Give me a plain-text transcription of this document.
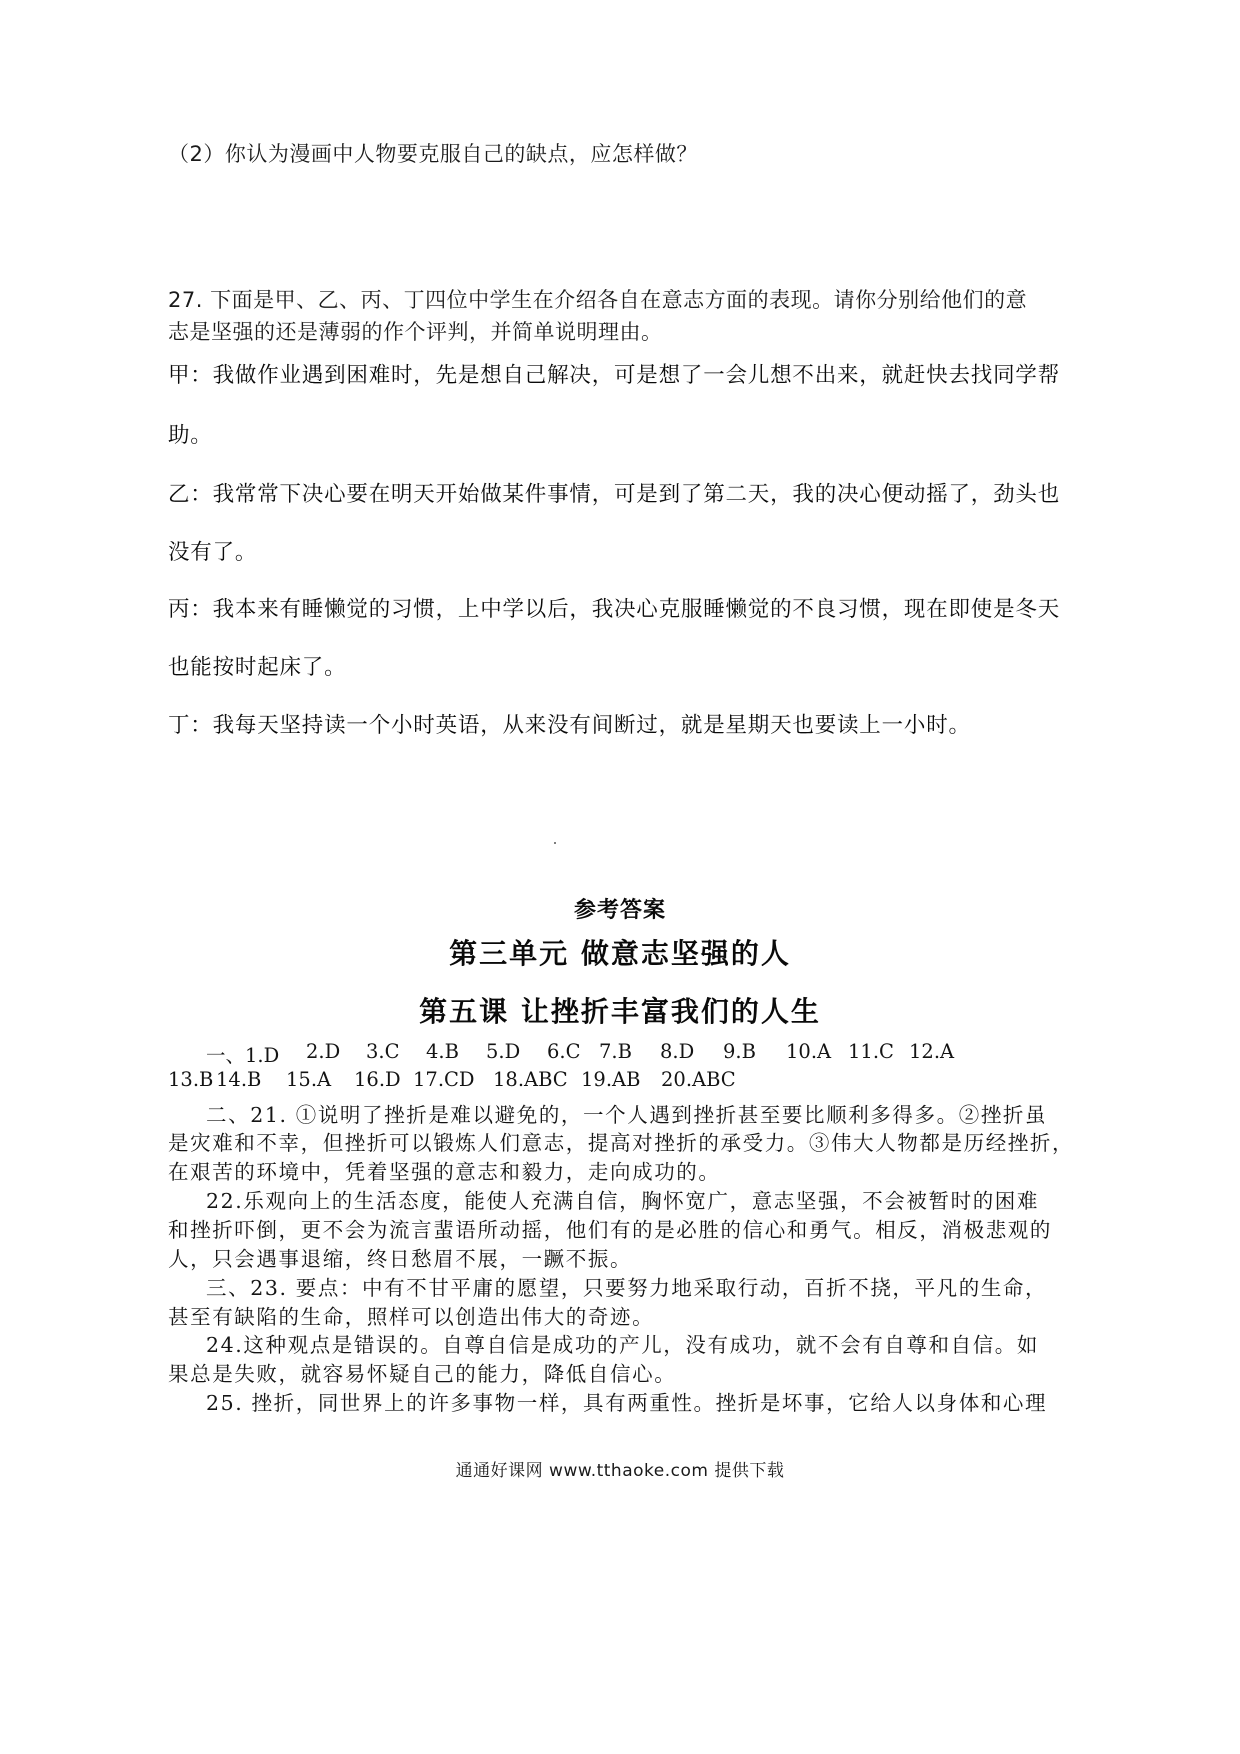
（2）你认为漫画中人物要克服自己的缺点，应怎样做？

27. 下面是甲、乙、丙、丁四位中学生在介绍各自在意志方面的表现。请你分别给他们的意

志是坚强的还是薄弱的作个评判，并简单说明理由。

甲：我做作业遇到困难时，先是想自己解决，可是想了一会儿想不出来，就赶快去找同学帮

助。

乙：我常常下决心要在明天开始做某件事情，可是到了第二天，我的决心便动摇了，劲头也

没有了。

丙：我本来有睡懒觉的习惯，上中学以后，我决心克服睡懒觉的不良习惯，现在即使是冬天

也能按时起床了。

丁：我每天坚持读一个小时英语，从来没有间断过，就是星期天也要读上一小时。

参考答案
第三单元 做意志坚强的人
第五课 让挫折丰富我们的人生
一、1.D	2.D	3.C	4.B	5.D	6.C 7.B	8.D	9.B	10.A 11.C 12.A
13.B 14.B	15.A	16.D 17.CD 18.ABC 19.AB	20.ABC

二、21. ①说明了挫折是难以避免的，一个人遇到挫折甚至要比顺利多得多。②挫折虽

是灾难和不幸，但挫折可以锻炼人们意志，提高对挫折的承受力。③伟大人物都是历经挫折，

在艰苦的环境中，凭着坚强的意志和毅力，走向成功的。

22.乐观向上的生活态度，能使人充满自信，胸怀宽广，意志坚强，不会被暂时的困难

和挫折吓倒，更不会为流言蜚语所动摇，他们有的是必胜的信心和勇气。相反，消极悲观的

人，只会遇事退缩，终日愁眉不展，一蹶不振。

三、23. 要点：中有不甘平庸的愿望，只要努力地采取行动，百折不挠，平凡的生命，

甚至有缺陷的生命，照样可以创造出伟大的奇迹。

24.这种观点是错误的。自尊自信是成功的产儿，没有成功，就不会有自尊和自信。如

果总是失败，就容易怀疑自己的能力，降低自信心。

25. 挫折，同世界上的许多事物一样，具有两重性。挫折是坏事，它给人以身体和心理

通通好课网 www.tthaoke.com 提供下载
